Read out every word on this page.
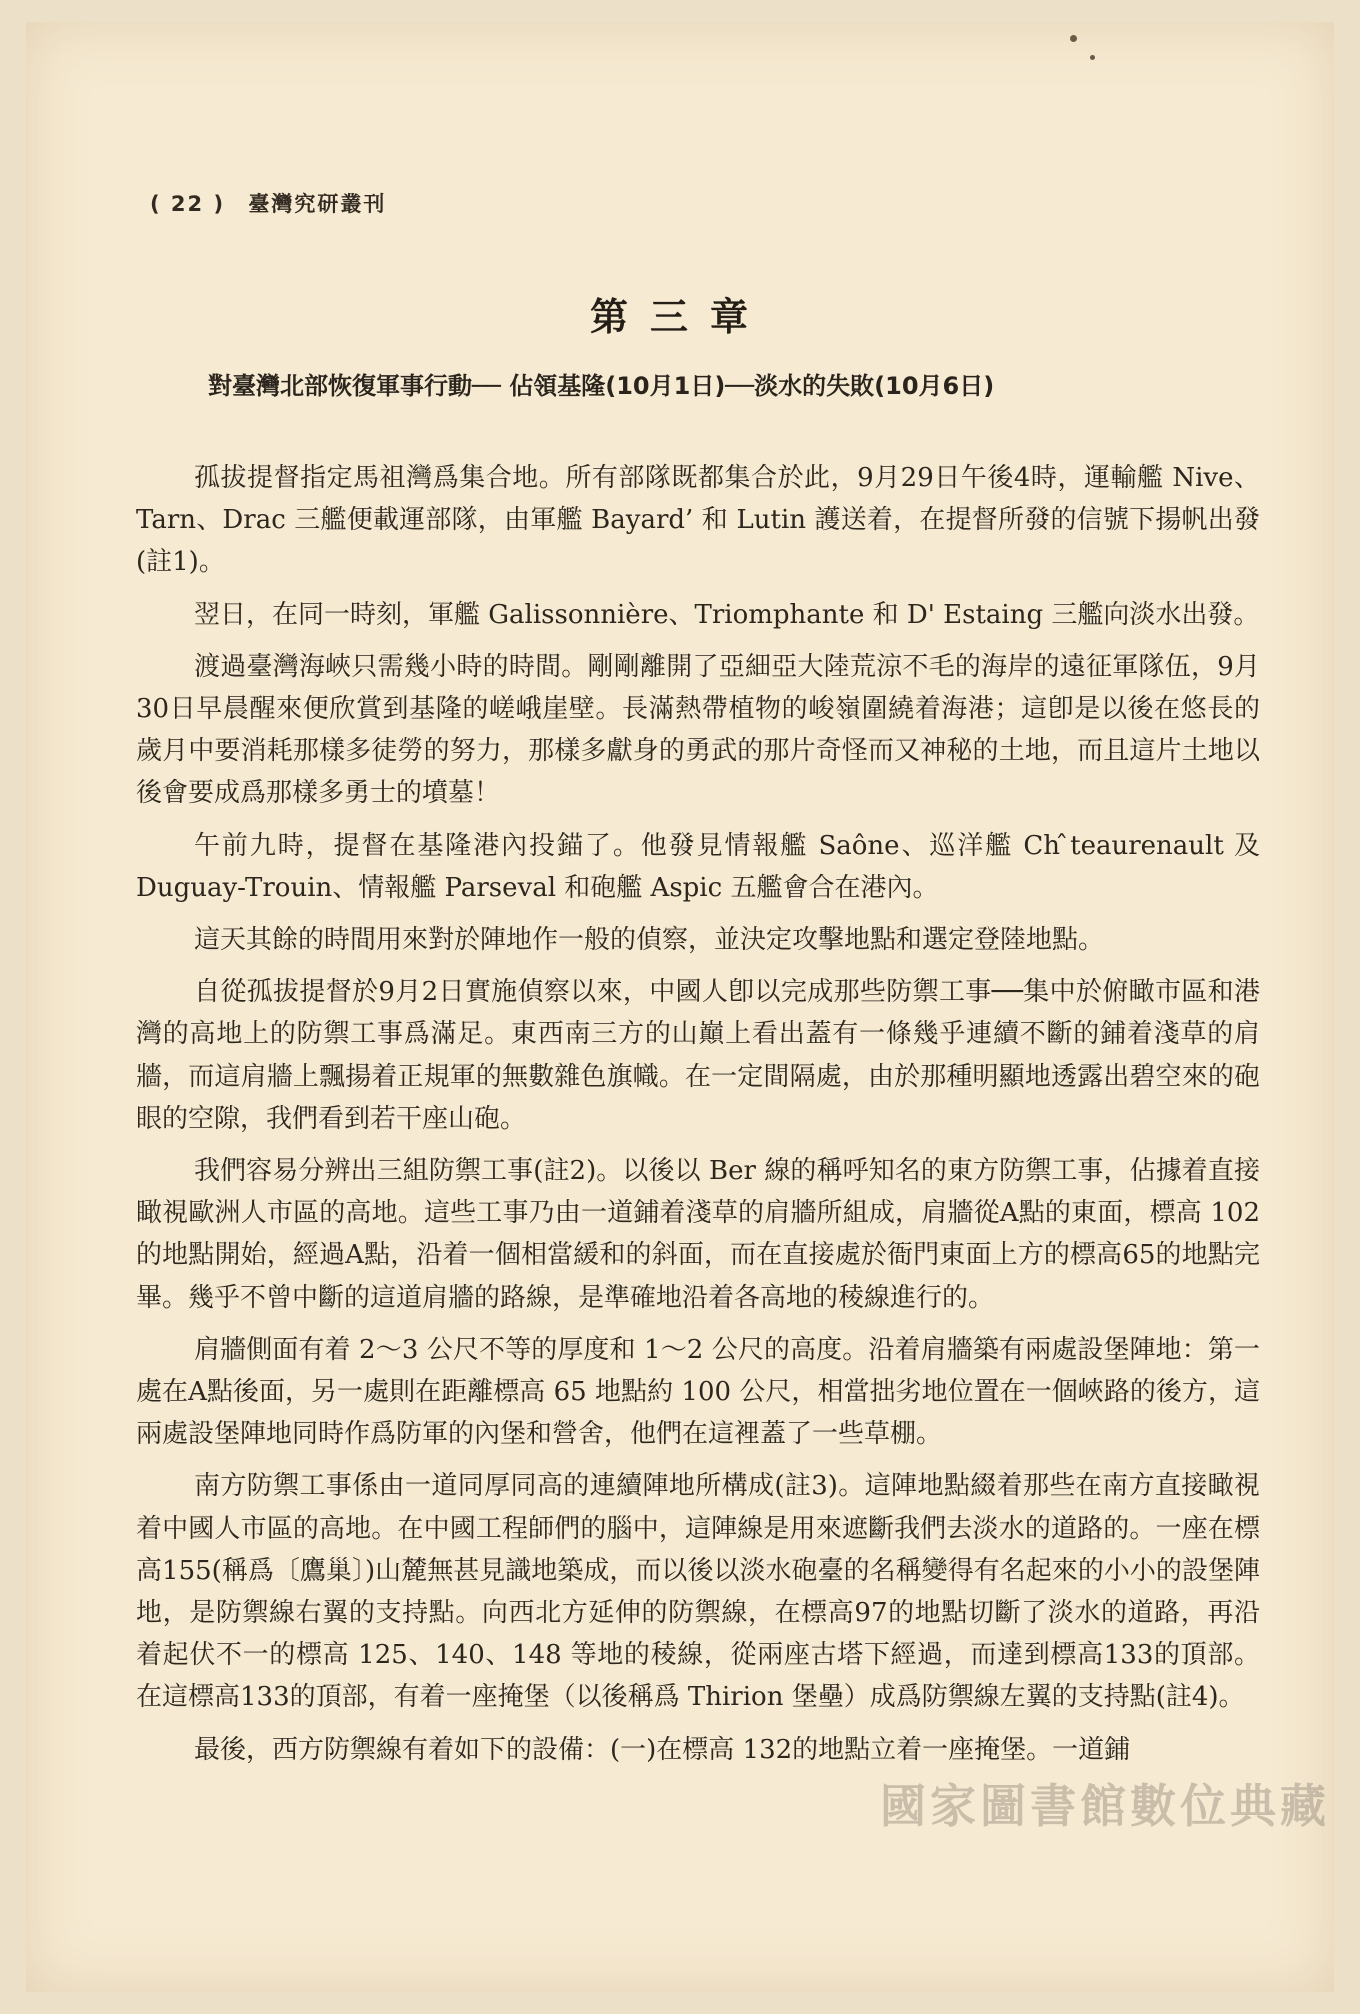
( 22 ) 臺灣究研叢刊
第三章
對臺灣北部恢復軍事行動── 佔領基隆(10月1日)──淡水的失敗(10月6日)

孤拔提督指定馬祖灣爲集合地。所有部隊既都集合於此，9月29日午後4時，運輸艦 Nive、Tarn、Drac 三艦便載運部隊，由軍艦 Bayard’ 和 Lutin 護送着，在提督所發的信號下揚帆出發(註1)。

翌日，在同一時刻，軍艦 Galissonnière、Triomphante 和 D' Estaing 三艦向淡水出發。

渡過臺灣海峽只需幾小時的時間。剛剛離開了亞細亞大陸荒涼不毛的海岸的遠征軍隊伍，9月30日早晨醒來便欣賞到基隆的嵯峨崖壁。長滿熱帶植物的峻嶺圍繞着海港；這卽是以後在悠長的歲月中要消耗那樣多徒勞的努力，那樣多獻身的勇武的那片奇怪而又神秘的土地，而且這片土地以後會要成爲那樣多勇士的墳墓！

午前九時，提督在基隆港內投錨了。他發見情報艦 Saône、巡洋艦 Ch ̂teaurenault 及 Duguay-Trouin、情報艦 Parseval 和砲艦 Aspic 五艦會合在港內。

這天其餘的時間用來對於陣地作一般的偵察，並決定攻擊地點和選定登陸地點。

自從孤拔提督於9月2日實施偵察以來，中國人卽以完成那些防禦工事──集中於俯瞰市區和港灣的高地上的防禦工事爲滿足。東西南三方的山巔上看出蓋有一條幾乎連續不斷的鋪着淺草的肩牆，而這肩牆上飄揚着正規軍的無數雜色旗幟。在一定間隔處，由於那種明顯地透露出碧空來的砲眼的空隙，我們看到若干座山砲。

我們容易分辨出三組防禦工事(註2)。以後以 Ber 線的稱呼知名的東方防禦工事，佔據着直接瞰視歐洲人市區的高地。這些工事乃由一道鋪着淺草的肩牆所組成，肩牆從A點的東面，標高 102 的地點開始，經過A點，沿着一個相當緩和的斜面，而在直接處於衙門東面上方的標高65的地點完畢。幾乎不曾中斷的這道肩牆的路線，是準確地沿着各高地的稜線進行的。

肩牆側面有着 2～3 公尺不等的厚度和 1～2 公尺的高度。沿着肩牆築有兩處設堡陣地：第一處在A點後面，另一處則在距離標高 65 地點約 100 公尺，相當拙劣地位置在一個峽路的後方，這兩處設堡陣地同時作爲防軍的內堡和營舍，他們在這裡蓋了一些草棚。

南方防禦工事係由一道同厚同高的連續陣地所構成(註3)。這陣地點綴着那些在南方直接瞰視着中國人市區的高地。在中國工程師們的腦中，這陣線是用來遮斷我們去淡水的道路的。一座在標高155(稱爲〔鷹巢〕)山麓無甚見識地築成，而以後以淡水砲臺的名稱變得有名起來的小小的設堡陣地，是防禦線右翼的支持點。向西北方延伸的防禦線，在標高97的地點切斷了淡水的道路，再沿着起伏不一的標高 125、140、148 等地的稜線，從兩座古塔下經過，而達到標高133的頂部。在這標高133的頂部，有着一座掩堡（以後稱爲 Thirion 堡壘）成爲防禦線左翼的支持點(註4)。

最後，西方防禦線有着如下的設備：(一)在標高 132的地點立着一座掩堡。一道鋪

國家圖書館數位典藏
